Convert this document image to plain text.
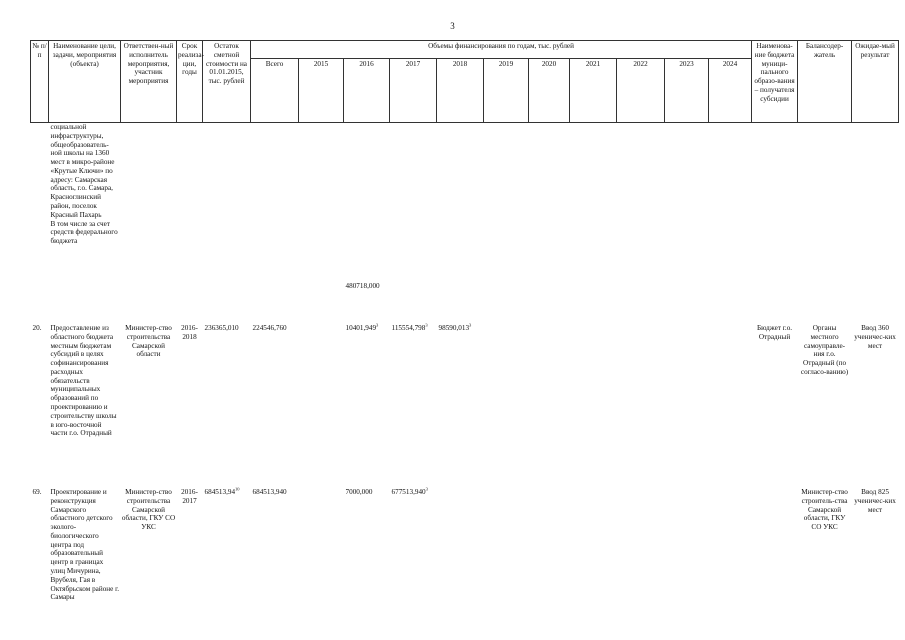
3
№ п/п	Наименование цели, задачи, мероприятия (объекта)	Ответствен-ный исполнитель мероприятия, участник мероприятия	Срок реализа-ции, годы	Остаток сметной стоимости на 01.01.2015, тыс. рублей	Объемы финансирования по годам, тыс. рублей											Наименова-ние бюджета муници-пального образо-вания – получателя субсидии	Балансодер-жатель	Ожидае-мый результат
					Всего	2015	2016	2017	2018	2019	2020	2021	2022	2023	2024			

	социальной инфраструктуры, общеобразователь-ной школы на 1360 мест в микро-районе «Крутые Ключи» по адресу: Самарская область, г.о. Самара, Красноглинский район, поселок Красный Пахарь
В том числе за счет средств федерального бюджета						480718,000											
20.	Предоставление из областного бюджета местным бюджетам субсидий в целях софинансирования расходных обязательств муниципальных образований по проектированию и строительству школы в юго-восточной части г.о. Отрадный	Министер-ство строительства Самарской области	2016-2018	236365,010	224546,760		10401,949$^3$	115554,798$^3$	98590,013$^3$							Бюджет г.о. Отрадный	Органы местного самоуправле-ния г.о. Отрадный (по согласо-ванию)	Ввод 360 ученичес-ких мест
69.	Проектирование и реконструкция Самарского областного детского эколого-биологического центра под образовательный центр в границах улиц Мичурина, Врубеля, Гая в Октябрьском районе г. Самары	Министер-ство строительства Самарской области, ГКУ СО УКС	2016-2017	684513,94$^{10}$	684513,940		7000,000	677513,940$^3$									Министер-ство строитель-ства Самарской области, ГКУ СО УКС	Ввод 825 ученичес-ких мест
